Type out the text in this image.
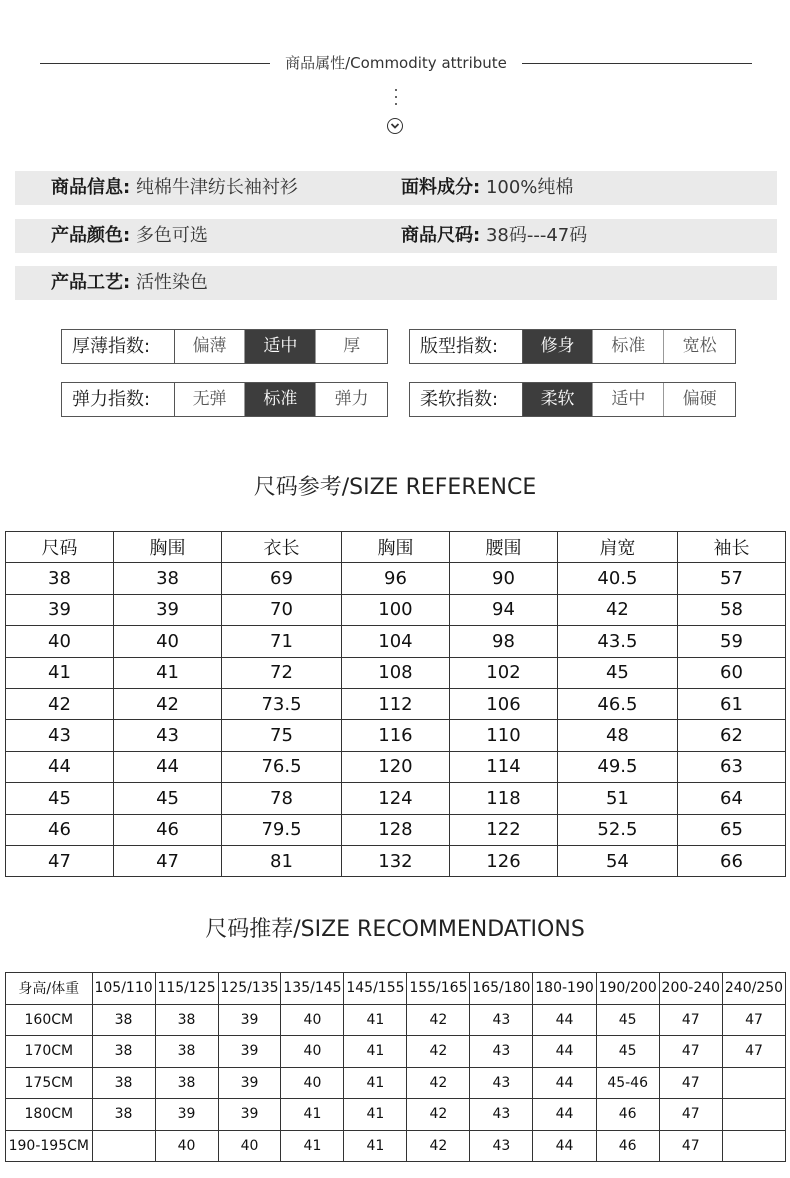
商品属性/Commodity attribute
商品信息: 纯棉牛津纺长袖衬衫	面料成分: 100%纯棉
产品颜色: 多色可选	商品尺码: 38码---47码
产品工艺: 活性染色
厚薄指数:	偏薄	适中	厚	版型指数:	修身	标准	宽松
弹力指数:	无弹	标准	弹力	柔软指数:	柔软	适中	偏硬
尺码参考/SIZE REFERENCE
尺码	胸围	衣长	胸围	腰围	肩宽	袖长
38	38	69	96	90	40.5	57
39	39	70	100	94	42	58
40	40	71	104	98	43.5	59
41	41	72	108	102	45	60
42	42	73.5	112	106	46.5	61
43	43	75	116	110	48	62
44	44	76.5	120	114	49.5	63
45	45	78	124	118	51	64
46	46	79.5	128	122	52.5	65
47	47	81	132	126	54	66
尺码推荐/SIZE RECOMMENDATIONS
身高/体重	105/110	115/125	125/135	135/145	145/155	155/165	165/180	180-190	190/200	200-240	240/250
160CM	38	38	39	40	41	42	43	44	45	47	47
170CM	38	38	39	40	41	42	43	44	45	47	47
175CM	38	38	39	40	41	42	43	44	45-46	47	
180CM	38	39	39	41	41	42	43	44	46	47	
190-195CM		40	40	41	41	42	43	44	46	47	
